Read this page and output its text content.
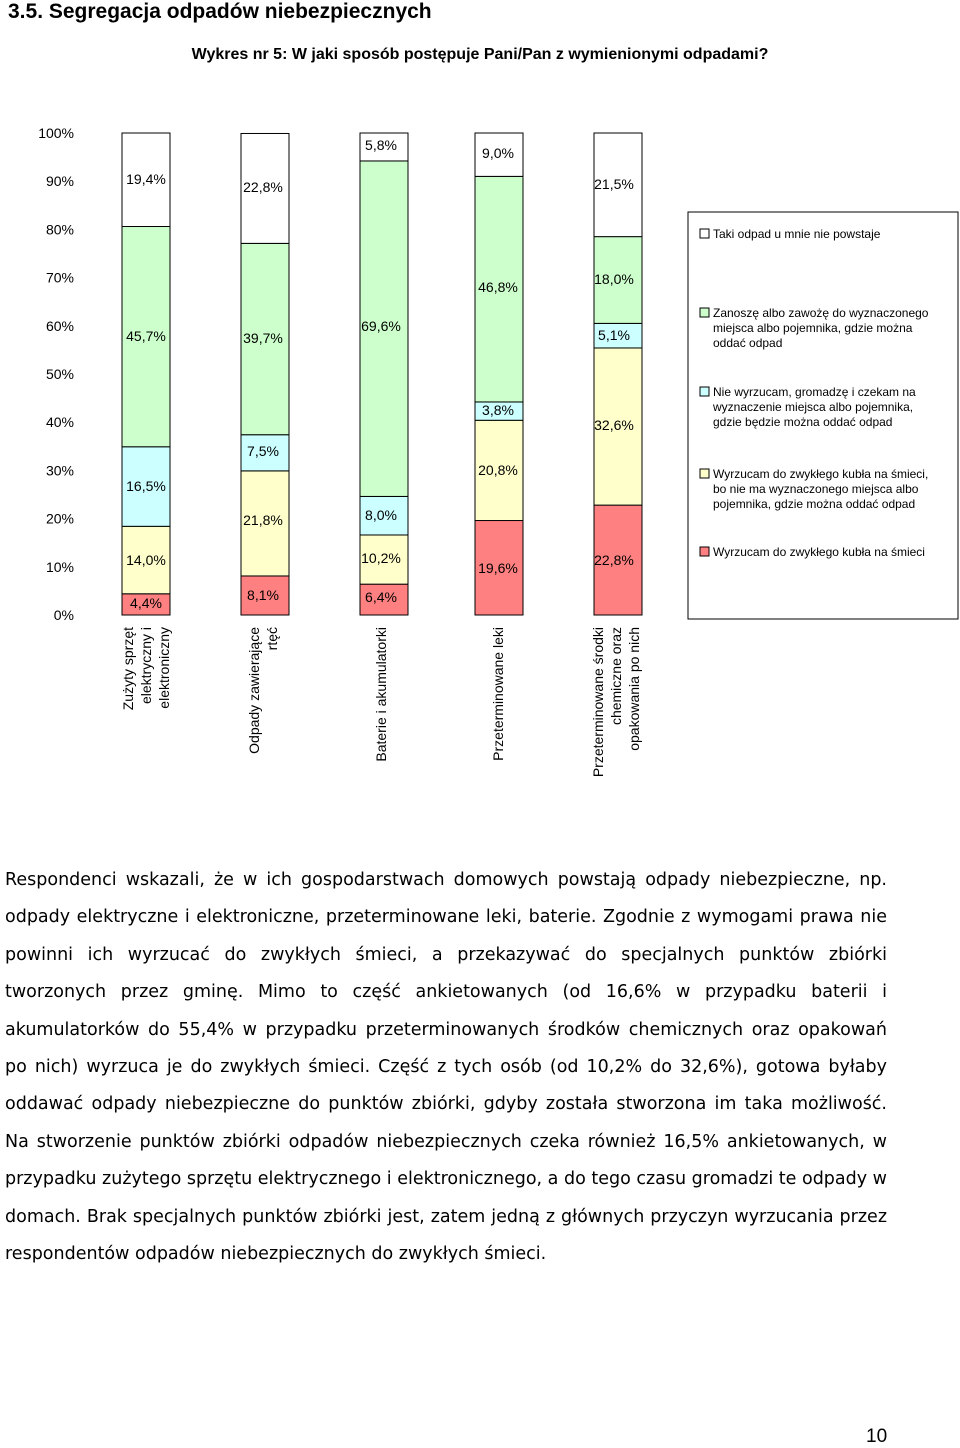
3.5. Segregacja odpadów niebezpiecznych
Wykres nr 5: W jaki sposób postępuje Pani/Pan z wymienionymi odpadami?
0%
10%
20%
30%
40%
50%
60%
70%
80%
90%
100%
4,4%	8,1%	6,4%
19,6%	22,8%
14,0%
21,8%
10,2%
20,8%
32,6%
16,5%
7,5%
8,0%
3,8%
5,1%
45,7%	39,7%
69,6%
46,8%	18,0%
19,4%	22,8%
5,8%	9,0%
21,5%
Zużyty sprzęt elektryczny i elektroniczny	Odpady zawierające rtęć	Baterie i akumulatorki	Przeterminowane leki	Przeterminowane środki chemiczne oraz opakowania po nich
Taki odpad u mnie nie powstaje
Zanoszę albo zawożę do wyznaczonego
miejsca albo pojemnika, gdzie można
oddać odpad
Nie wyrzucam, gromadzę i czekam na
wyznaczenie miejsca albo pojemnika,
gdzie będzie można oddać odpad
Wyrzucam do zwykłego kubła na śmieci,
bo nie ma wyznaczonego miejsca albo
pojemnika, gdzie można oddać odpad
Wyrzucam do zwykłego kubła na śmieci

Respondenci wskazali, że w ich gospodarstwach domowych powstają odpady niebezpieczne, np. odpady elektryczne i elektroniczne, przeterminowane leki, baterie. Zgodnie z wymogami prawa nie powinni ich wyrzucać do zwykłych śmieci, a przekazywać do specjalnych punktów zbiórki tworzonych przez gminę. Mimo to część ankietowanych (od 16,6% w przypadku baterii i akumulatorków do 55,4% w przypadku przeterminowanych środków chemicznych oraz opakowań po nich) wyrzuca je do zwykłych śmieci. Część z tych osób (od 10,2% do 32,6%), gotowa byłaby oddawać odpady niebezpieczne do punktów zbiórki, gdyby została stworzona im taka możliwość. Na stworzenie punktów zbiórki odpadów niebezpiecznych czeka również 16,5% ankietowanych, w przypadku zużytego sprzętu elektrycznego i elektronicznego, a do tego czasu gromadzi te odpady w domach. Brak specjalnych punktów zbiórki jest, zatem jedną z głównych przyczyn wyrzucania przez respondentów odpadów niebezpiecznych do zwykłych śmieci.

10
